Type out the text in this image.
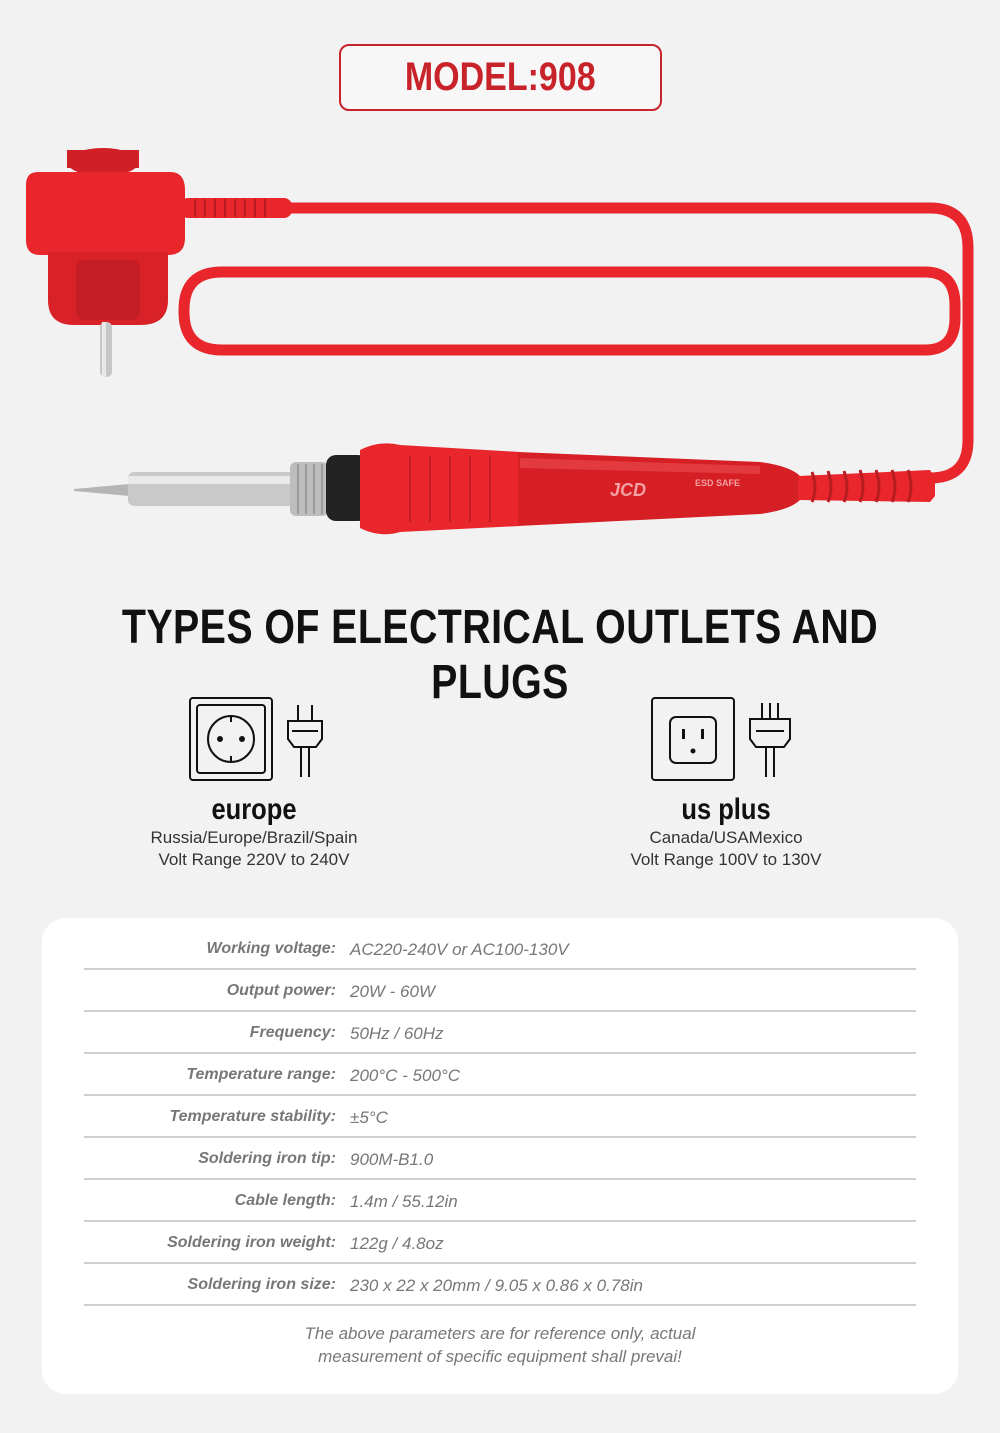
MODEL:908
JCD	ESD SAFE
TYPES OF ELECTRICAL OUTLETS AND PLUGS
europe
Russia/Europe/Brazil/Spain
Volt Range 220V to 240V
us plus
Canada/USAMexico
Volt Range 100V to 130V
Working voltage: AC220-240V or AC100-130V
Output power: 20W - 60W
Frequency: 50Hz / 60Hz
Temperature range: 200°C - 500°C
Temperature stability: ±5°C
Soldering iron tip: 900M-B1.0
Cable length: 1.4m / 55.12in
Soldering iron weight: 122g / 4.8oz
Soldering iron size: 230 x 22 x 20mm / 9.05 x 0.86 x 0.78in
The above parameters are for reference only, actual
measurement of specific equipment shall prevai!
